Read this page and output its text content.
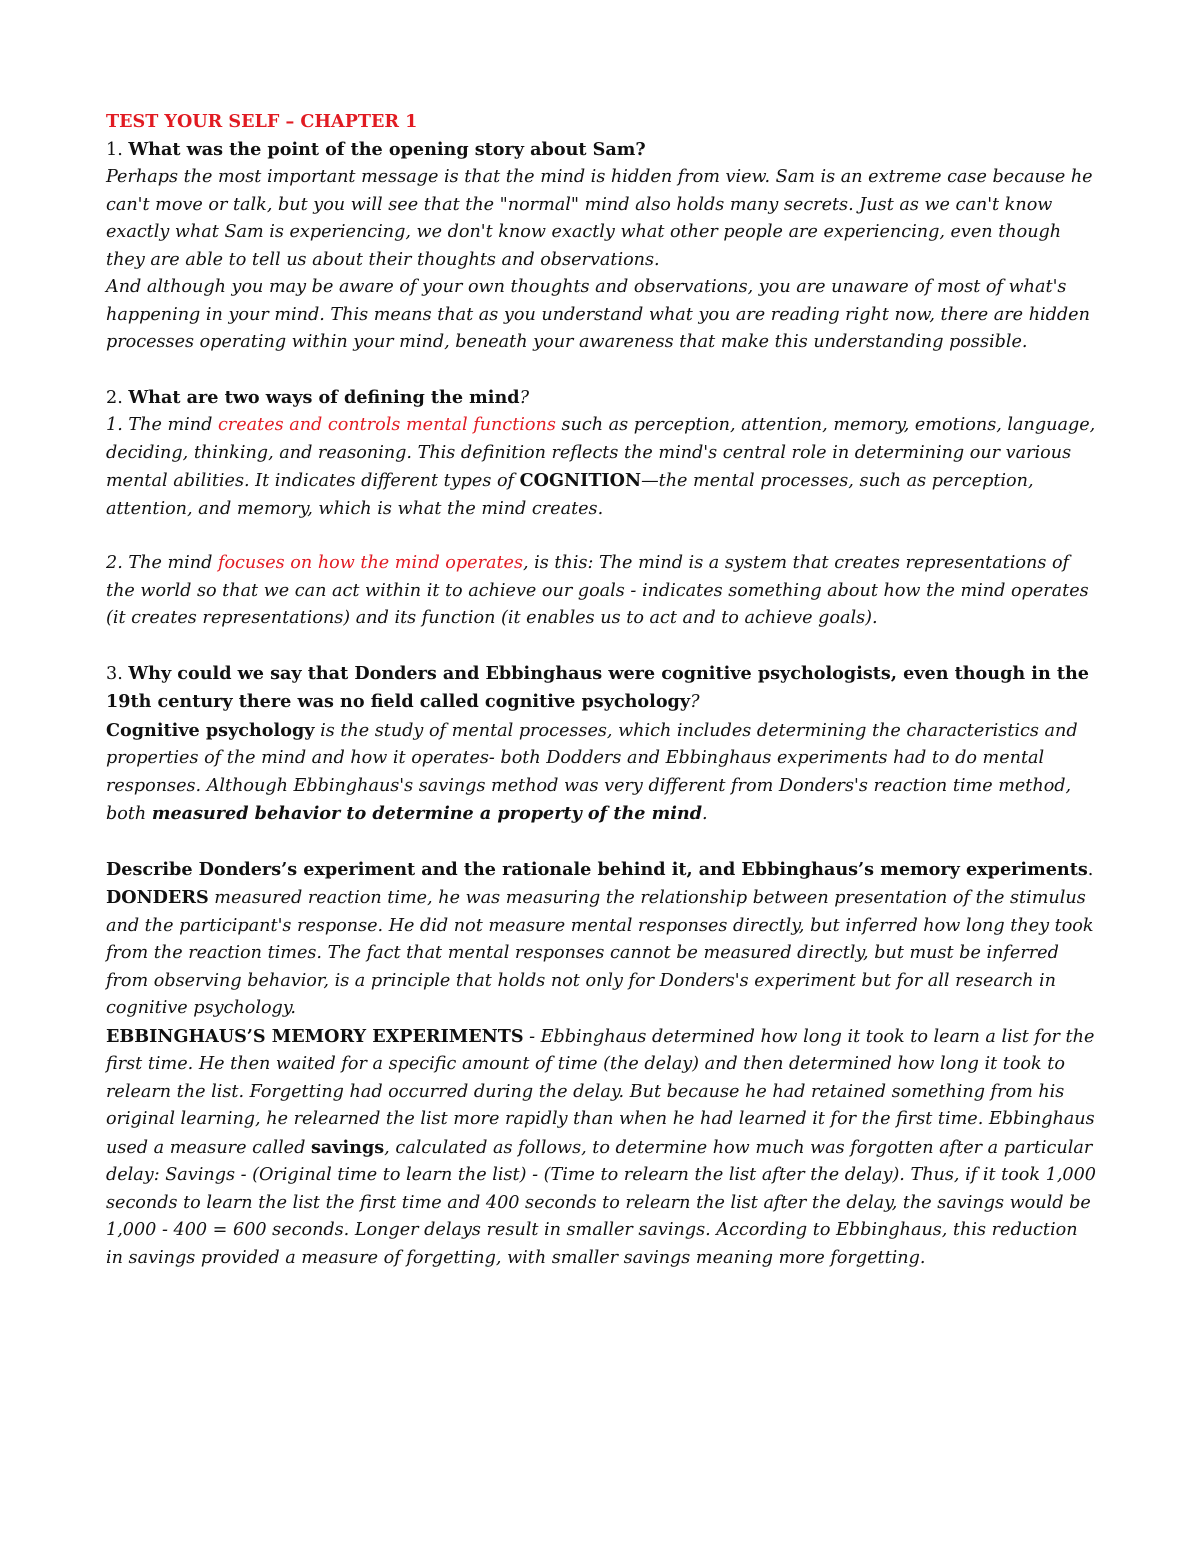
TEST YOUR SELF – CHAPTER 1

1. What was the point of the opening story about Sam?

Perhaps the most important message is that the mind is hidden from view. Sam is an extreme case because he can't move or talk, but you will see that the "normal" mind also holds many secrets. Just as we can't know exactly what Sam is experiencing, we don't know exactly what other people are experiencing, even though they are able to tell us about their thoughts and observations.

And although you may be aware of your own thoughts and observations, you are unaware of most of what's happening in your mind. This means that as you understand what you are reading right now, there are hidden processes operating within your mind, beneath your awareness that make this understanding possible.

2. What are two ways of defining the mind?

1. The mind creates and controls mental functions such as perception, attention, memory, emotions, language, deciding, thinking, and reasoning. This definition reflects the mind's central role in determining our various mental abilities. It indicates different types of COGNITION—the mental processes, such as perception, attention, and memory, which is what the mind creates.

2. The mind focuses on how the mind operates, is this: The mind is a system that creates representations of the world so that we can act within it to achieve our goals - indicates something about how the mind operates (it creates representations) and its function (it enables us to act and to achieve goals).

3. Why could we say that Donders and Ebbinghaus were cognitive psychologists, even though in the 19th century there was no field called cognitive psychology?

Cognitive psychology is the study of mental processes, which includes determining the characteristics and properties of the mind and how it operates- both Dodders and Ebbinghaus experiments had to do mental responses. Although Ebbinghaus's savings method was very different from Donders's reaction time method, both measured behavior to determine a property of the mind.

Describe Donders’s experiment and the rationale behind it, and Ebbinghaus’s memory experiments.

DONDERS measured reaction time, he was measuring the relationship between presentation of the stimulus and the participant's response. He did not measure mental responses directly, but inferred how long they took from the reaction times. The fact that mental responses cannot be measured directly, but must be inferred from observing behavior, is a principle that holds not only for Donders's experiment but for all research in cognitive psychology.

EBBINGHAUS’S MEMORY EXPERIMENTS - Ebbinghaus determined how long it took to learn a list for the first time. He then waited for a specific amount of time (the delay) and then determined how long it took to relearn the list. Forgetting had occurred during the delay. But because he had retained something from his original learning, he relearned the list more rapidly than when he had learned it for the first time. Ebbinghaus used a measure called savings, calculated as follows, to determine how much was forgotten after a particular delay: Savings - (Original time to learn the list) - (Time to relearn the list after the delay). Thus, if it took 1,000 seconds to learn the list the first time and 400 seconds to relearn the list after the delay, the savings would be 1,000 - 400 = 600 seconds. Longer delays result in smaller savings. According to Ebbinghaus, this reduction in savings provided a measure of forgetting, with smaller savings meaning more forgetting.
